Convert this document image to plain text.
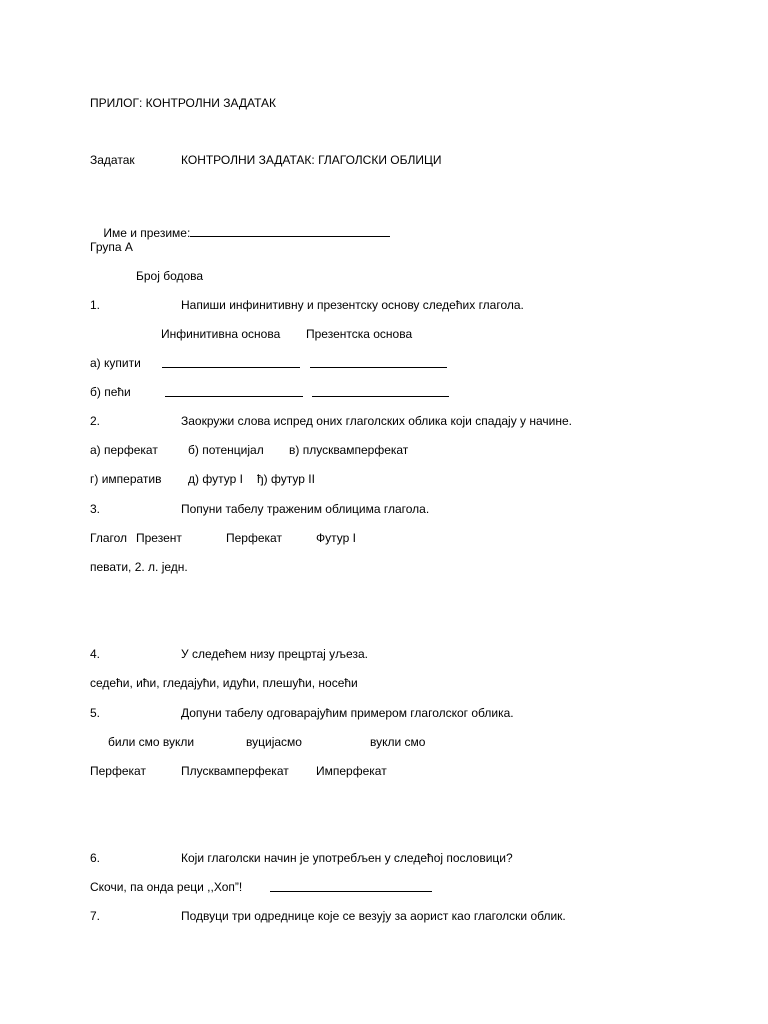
ПРИЛОГ: КОНТРОЛНИ ЗАДАТАК
Задатак	КОНТРОЛНИ ЗАДАТАК: ГЛАГОЛСКИ ОБЛИЦИ

Име и презиме:

Група А
Број бодова
1.	Напиши инфинитивну и презентску основу следећих глагола.
Инфинитивна основа Презентска основа
а) купити
б) пећи
2.	Заокружи слова испред оних глаголских облика који спадају у начине.
а) перфекат	б) потенцијал в) плусквамперфекат
г) императив д) футур I ђ) футур II
3.	Попуни табелу траженим облицима глагола.
Глагол Презент	Перфекат	Футур I
певати, 2. л. једн.
4.	У следећем низу прецртај уљеза.
седећи, ићи, гледајући, идући, плешући, носећи
5.	Допуни табелу одговарајућим примером глаголског облика.
били смо вукли	вуцијасмо	вукли смо
Перфекат	Плусквамперфекат Имперфекат
6.	Који глаголски начин је употребљен у следећој пословици?
Скочи, па онда реци ,,Хоп”!
7.	Подвуци три одреднице које се везују за аорист као глаголски облик.
